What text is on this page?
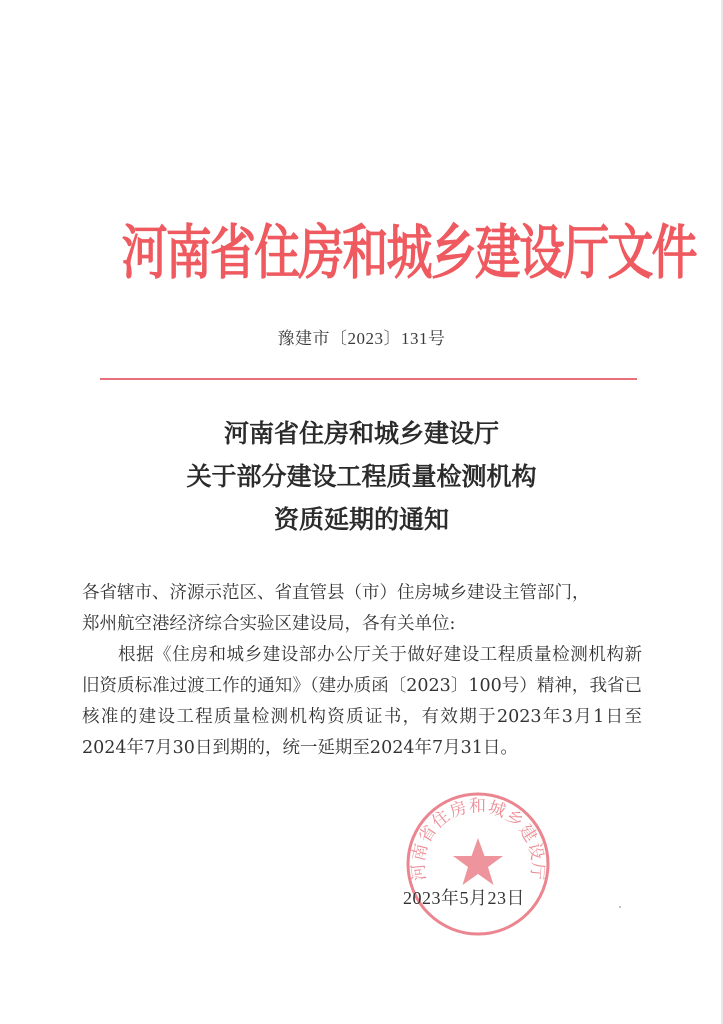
河南省住房和城乡建设厅文件
豫建市〔2023〕131号
河南省住房和城乡建设厅
关于部分建设工程质量检测机构
资质延期的通知

各省辖市、济源示范区、省直管县（市）住房城乡建设主管部门，

郑州航空港经济综合实验区建设局，各有关单位:

根据《住房和城乡建设部办公厅关于做好建设工程质量检测机构新旧资质标准过渡工作的通知》（建办质函〔2023〕100号）精神，我省已核准的建设工程质量检测机构资质证书，有效期于2023年3月1日至2024年7月30日到期的，统一延期至2024年7月31日。

河南省住房和城乡建设厅
2023年5月23日
